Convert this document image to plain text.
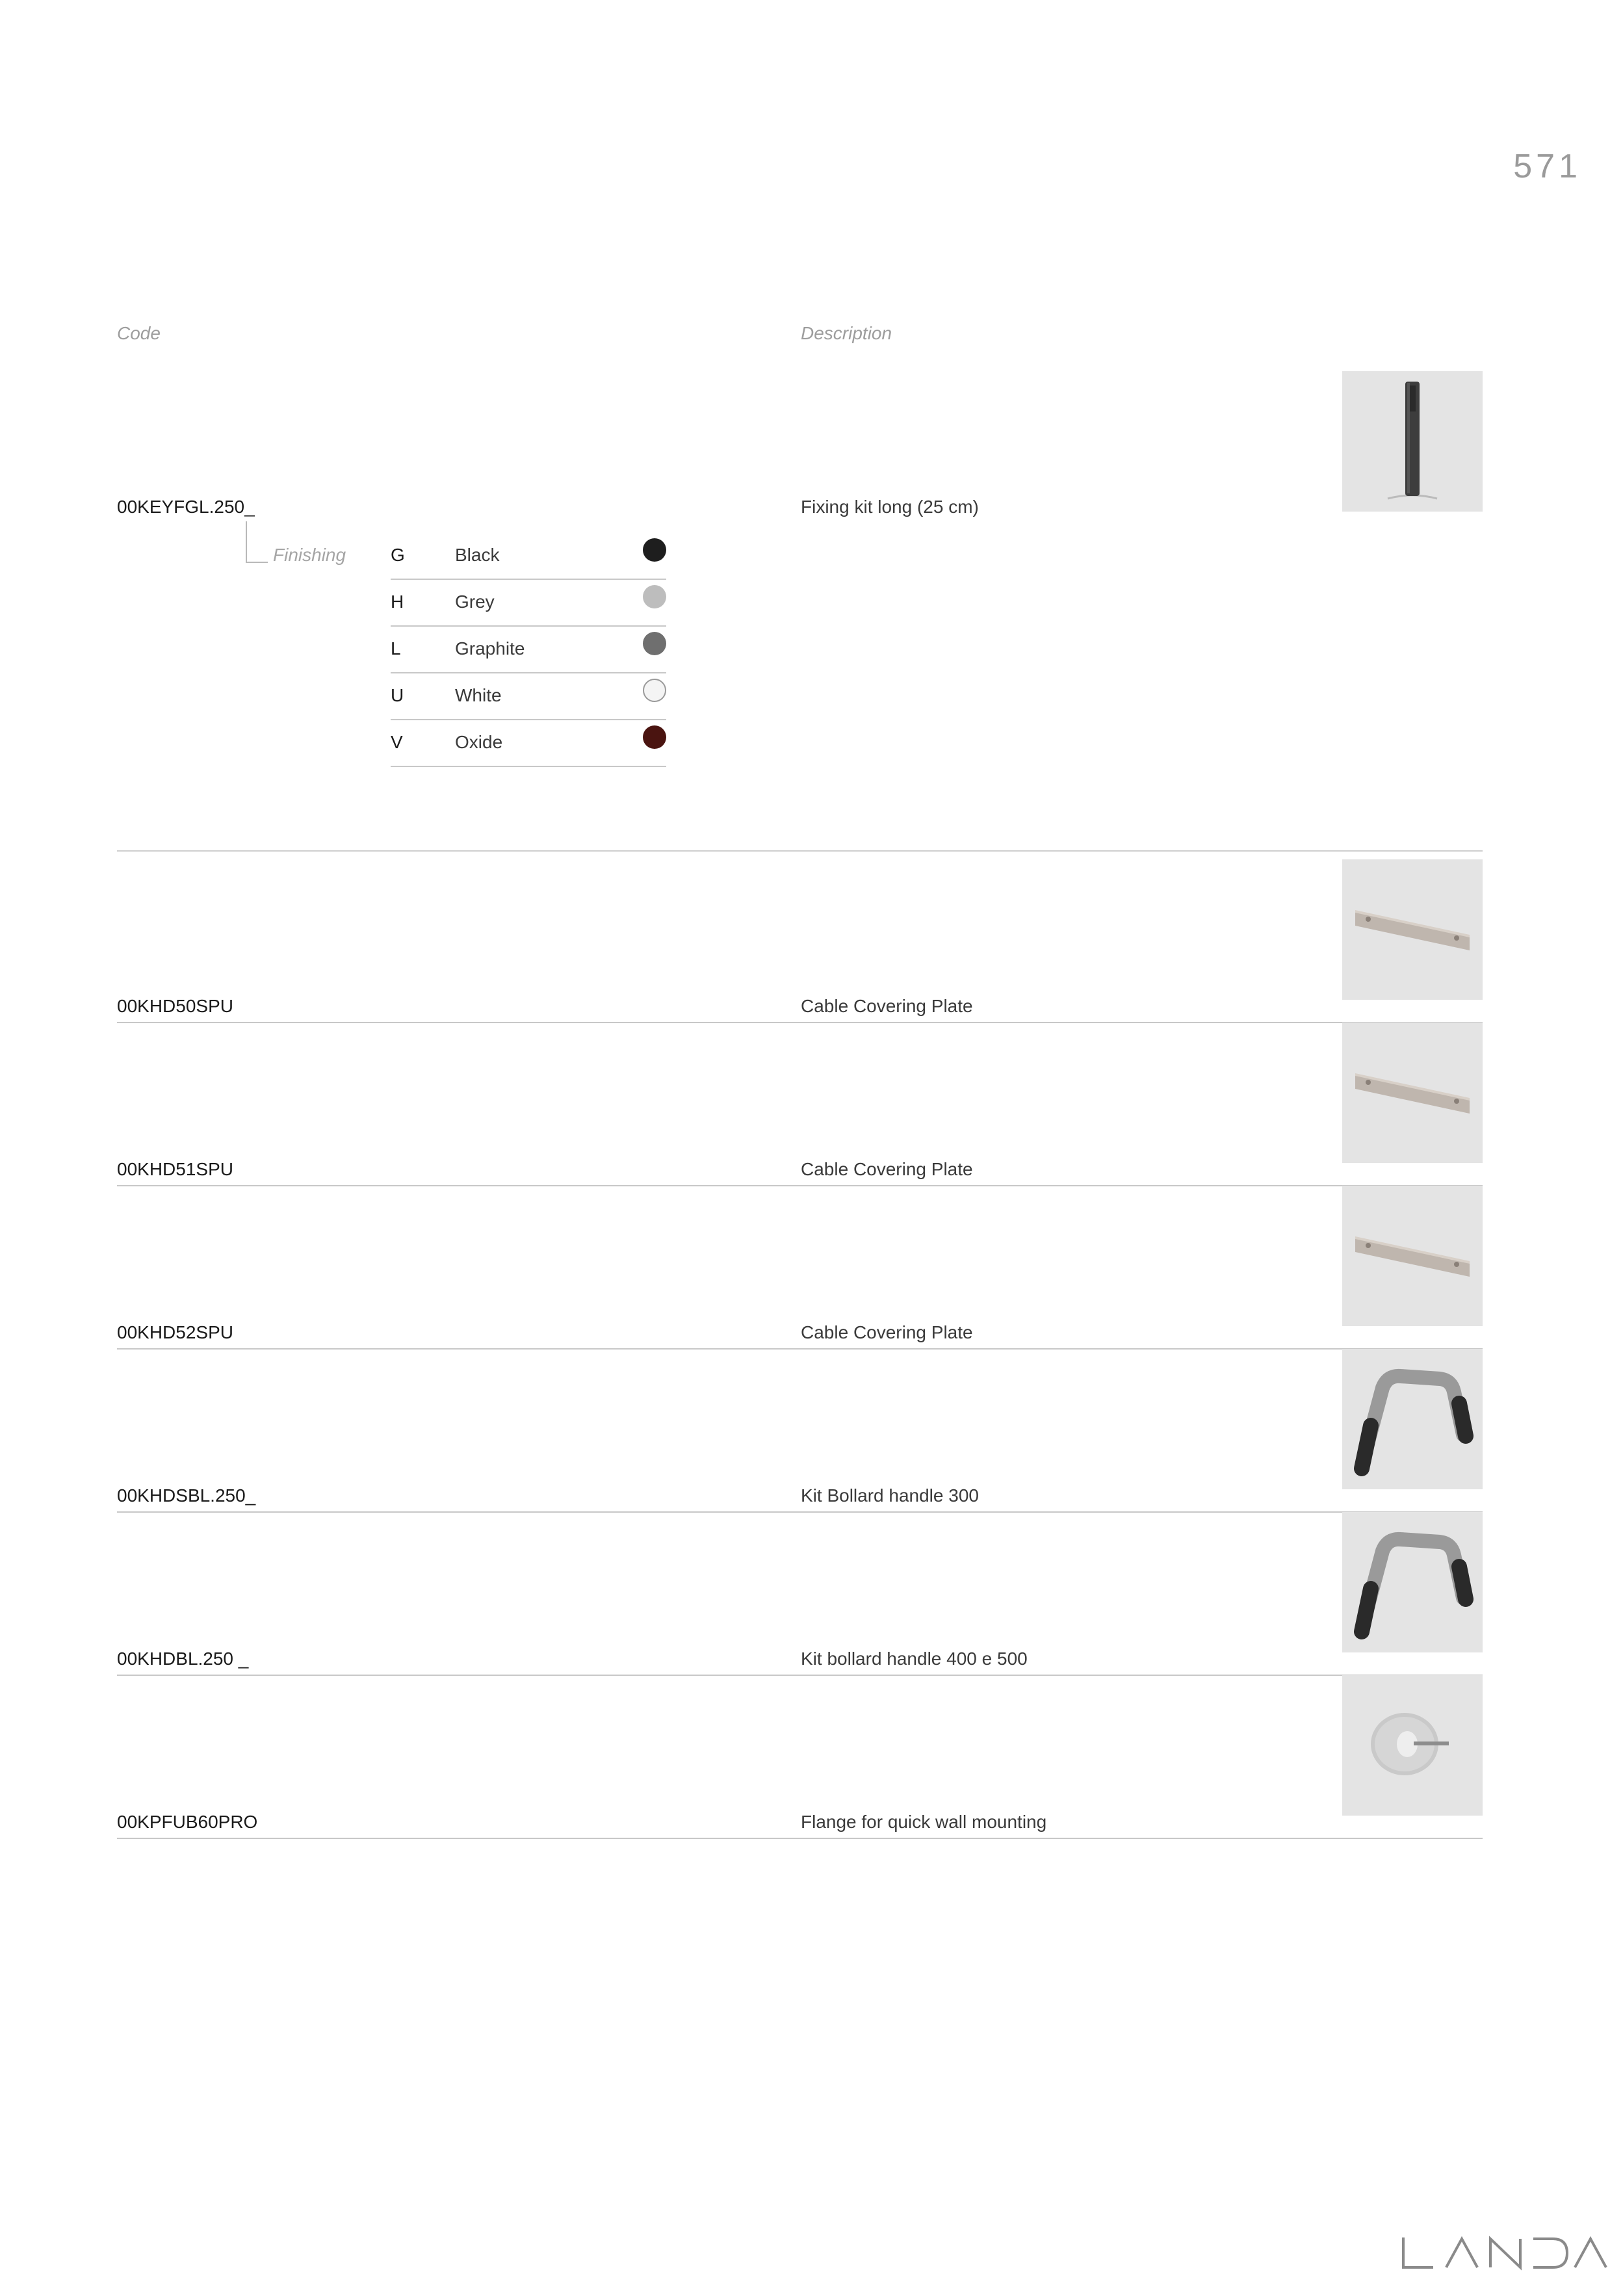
571
Code	Description
00KEYFGL.250_	Fixing kit long (25 cm)
Finishing G	Black
H	Grey
L	Graphite
U	White
V	Oxide
00KHD50SPU	Cable Covering Plate
00KHD51SPU	Cable Covering Plate
00KHD52SPU	Cable Covering Plate
00KHDSBL.250_	Kit Bollard handle 300
00KHDBL.250 _	Kit bollard handle 400 e 500
00KPFUB60PRO	Flange for quick wall mounting
